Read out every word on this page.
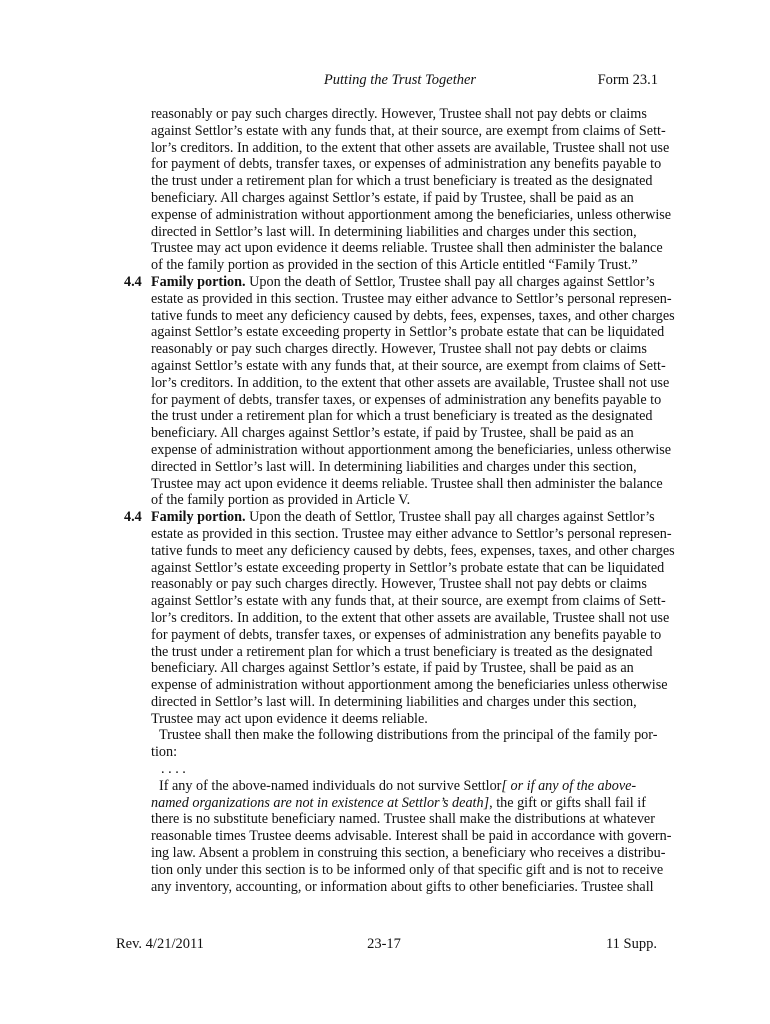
Putting the Trust Together	Form 23.1
reasonably or pay such charges directly. However, Trustee shall not pay debts or claims
against Settlor’s estate with any funds that, at their source, are exempt from claims of Sett-
lor’s creditors. In addition, to the extent that other assets are available, Trustee shall not use
for payment of debts, transfer taxes, or expenses of administration any benefits payable to
the trust under a retirement plan for which a trust beneficiary is treated as the designated
beneficiary. All charges against Settlor’s estate, if paid by Trustee, shall be paid as an
expense of administration without apportionment among the beneficiaries, unless otherwise
directed in Settlor’s last will. In determining liabilities and charges under this section,
Trustee may act upon evidence it deems reliable. Trustee shall then administer the balance
of the family portion as provided in the section of this Article entitled “Family Trust.”
4.4 Family portion. Upon the death of Settlor, Trustee shall pay all charges against Settlor’s
estate as provided in this section. Trustee may either advance to Settlor’s personal represen-
tative funds to meet any deficiency caused by debts, fees, expenses, taxes, and other charges
against Settlor’s estate exceeding property in Settlor’s probate estate that can be liquidated
reasonably or pay such charges directly. However, Trustee shall not pay debts or claims
against Settlor’s estate with any funds that, at their source, are exempt from claims of Sett-
lor’s creditors. In addition, to the extent that other assets are available, Trustee shall not use
for payment of debts, transfer taxes, or expenses of administration any benefits payable to
the trust under a retirement plan for which a trust beneficiary is treated as the designated
beneficiary. All charges against Settlor’s estate, if paid by Trustee, shall be paid as an
expense of administration without apportionment among the beneficiaries, unless otherwise
directed in Settlor’s last will. In determining liabilities and charges under this section,
Trustee may act upon evidence it deems reliable. Trustee shall then administer the balance
of the family portion as provided in Article V.
4.4 Family portion. Upon the death of Settlor, Trustee shall pay all charges against Settlor’s
estate as provided in this section. Trustee may either advance to Settlor’s personal represen-
tative funds to meet any deficiency caused by debts, fees, expenses, taxes, and other charges
against Settlor’s estate exceeding property in Settlor’s probate estate that can be liquidated
reasonably or pay such charges directly. However, Trustee shall not pay debts or claims
against Settlor’s estate with any funds that, at their source, are exempt from claims of Sett-
lor’s creditors. In addition, to the extent that other assets are available, Trustee shall not use
for payment of debts, transfer taxes, or expenses of administration any benefits payable to
the trust under a retirement plan for which a trust beneficiary is treated as the designated
beneficiary. All charges against Settlor’s estate, if paid by Trustee, shall be paid as an
expense of administration without apportionment among the beneficiaries unless otherwise
directed in Settlor’s last will. In determining liabilities and charges under this section,
Trustee may act upon evidence it deems reliable.
Trustee shall then make the following distributions from the principal of the family por-
tion:
. . . .
If any of the above-named individuals do not survive Settlor[ or if any of the above-
named organizations are not in existence at Settlor’s death], the gift or gifts shall fail if
there is no substitute beneficiary named. Trustee shall make the distributions at whatever
reasonable times Trustee deems advisable. Interest shall be paid in accordance with govern-
ing law. Absent a problem in construing this section, a beneficiary who receives a distribu-
tion only under this section is to be informed only of that specific gift and is not to receive
any inventory, accounting, or information about gifts to other beneficiaries. Trustee shall
Rev. 4/21/2011	23-17	11 Supp.
